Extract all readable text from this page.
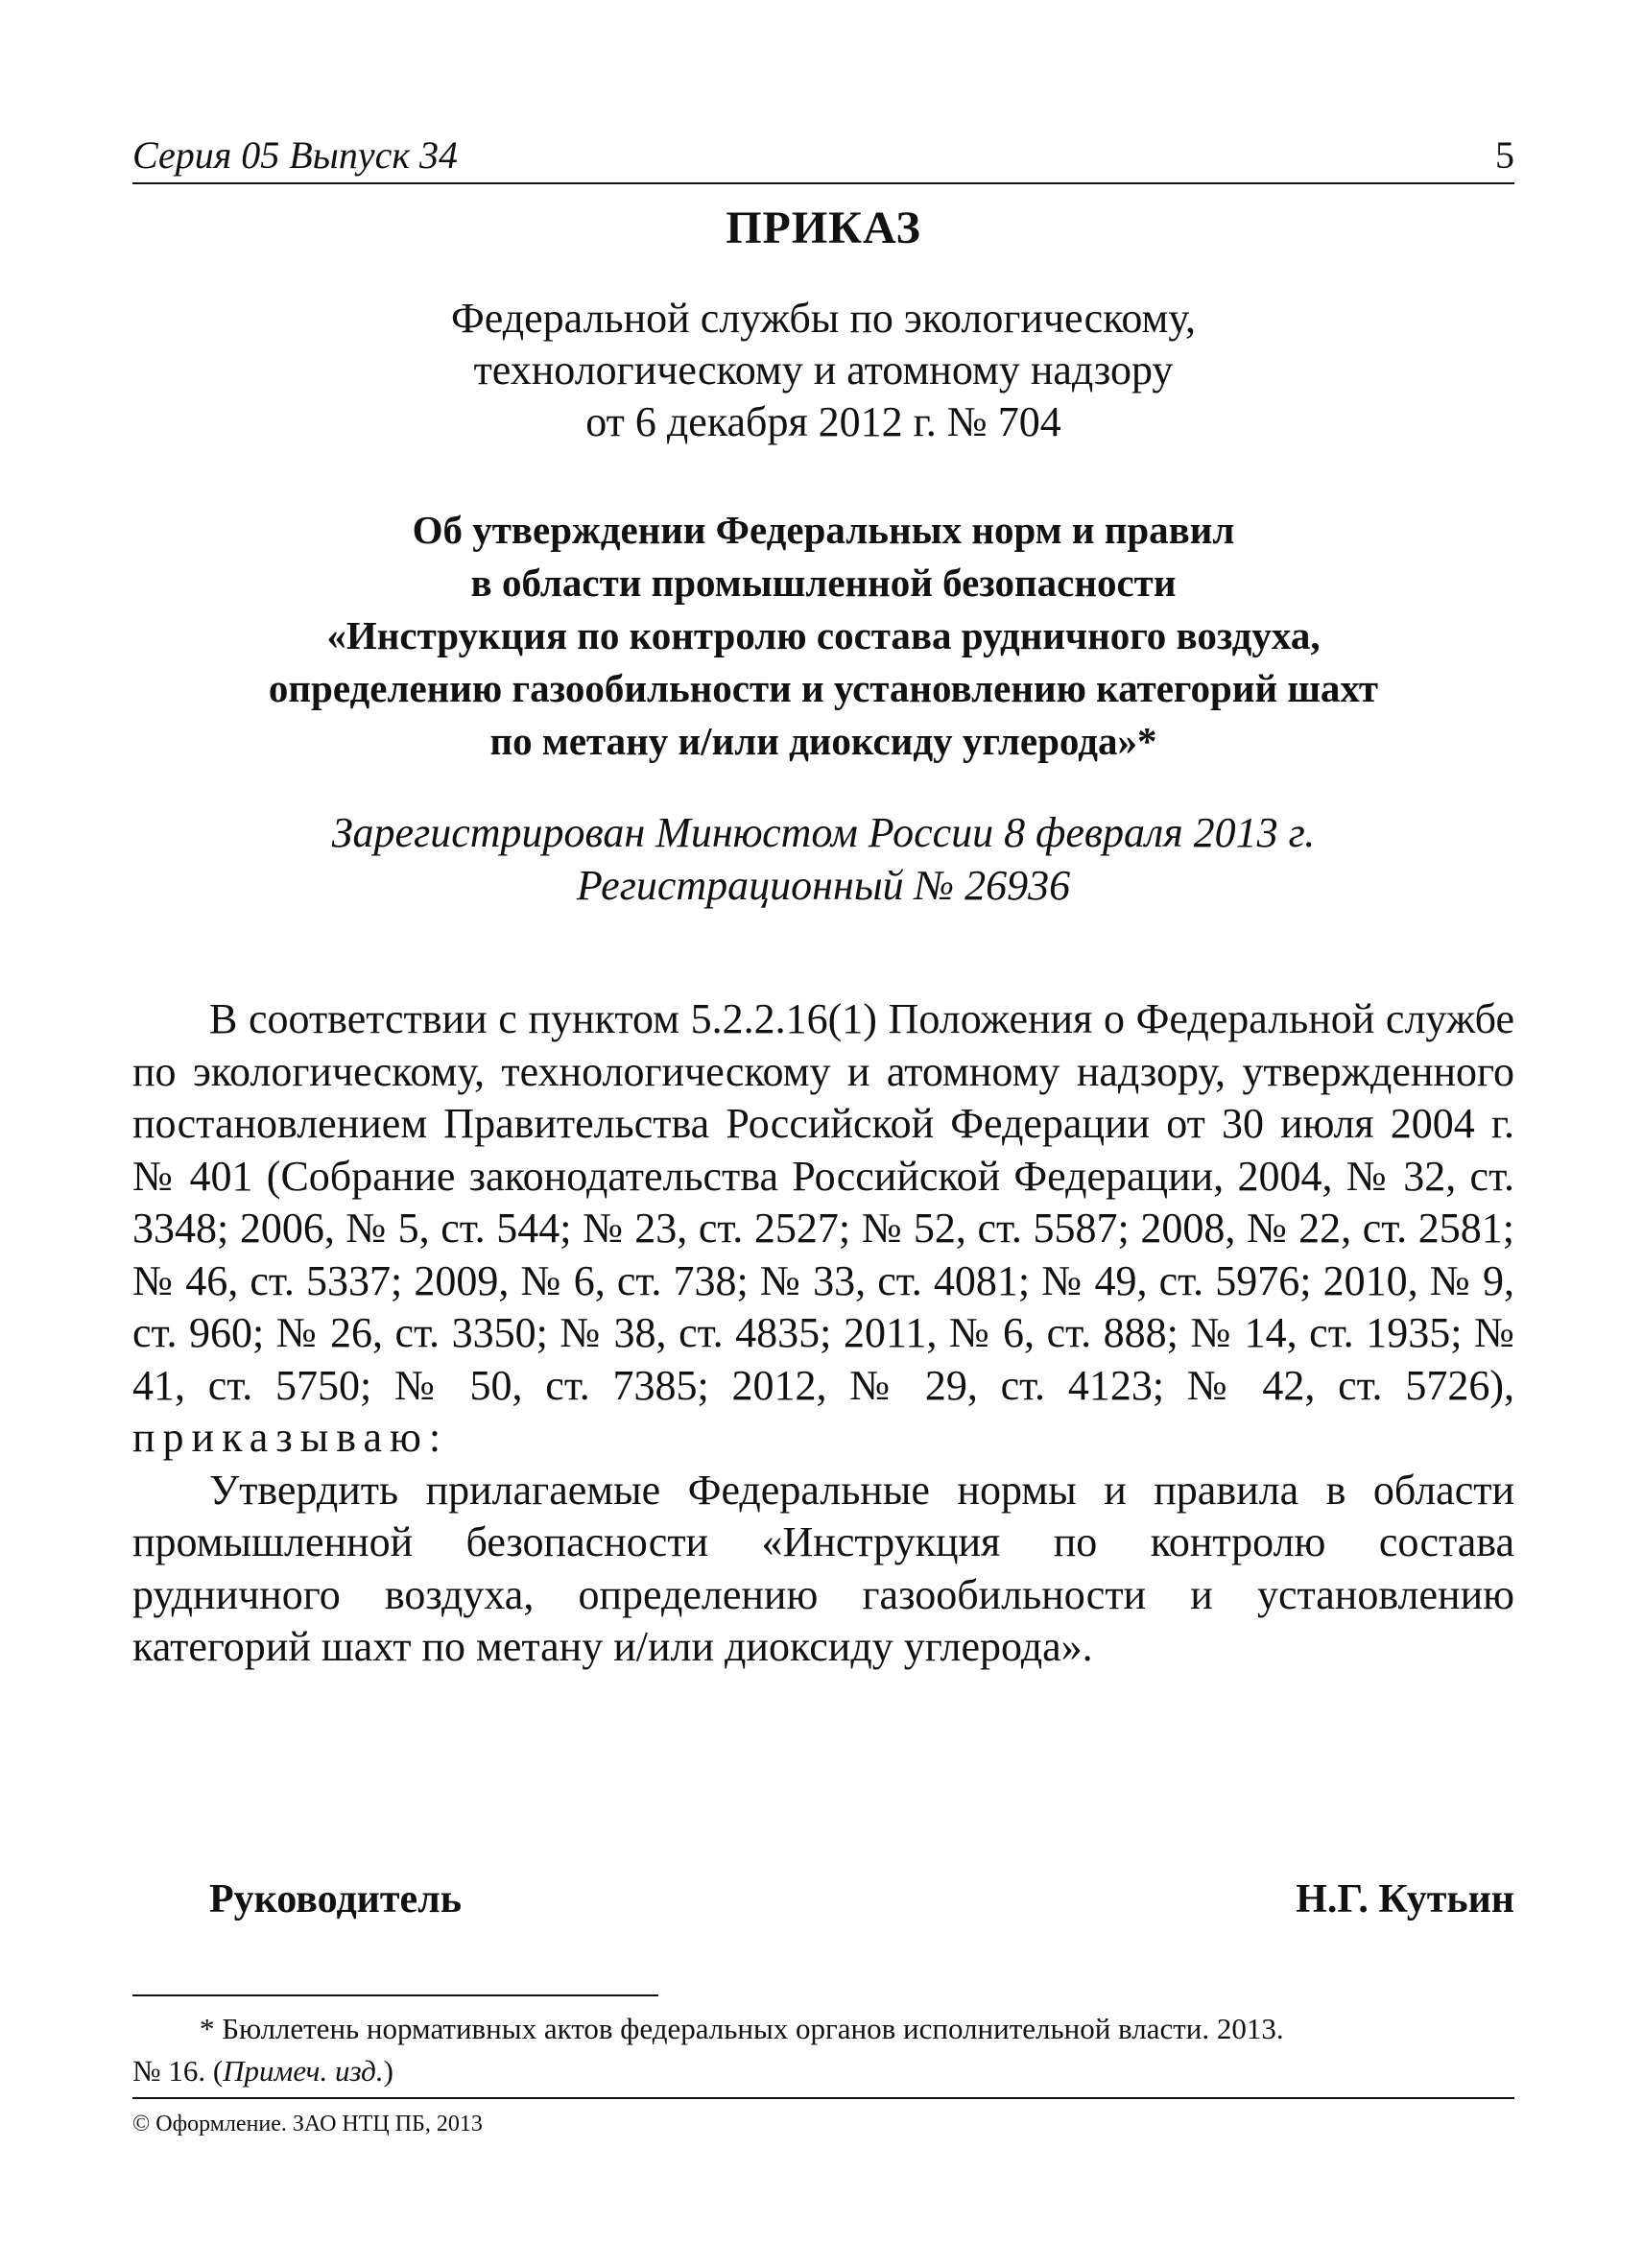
Серия 05 Выпуск 34	5
ПРИКАЗ
Федеральной службы по экологическому,
технологическому и атомному надзору
от 6 декабря 2012 г. № 704
Об утверждении Федеральных норм и правил
в области промышленной безопасности
«Инструкция по контролю состава рудничного воздуха,
определению газообильности и установлению категорий шахт
по метану и/или диоксиду углерода»*
Зарегистрирован Минюстом России 8 февраля 2013 г.
Регистрационный № 26936

В соответствии с пунктом 5.2.2.16(1) Положения о Федеральной службе по экологическому, технологическому и атомному надзору, утвержденного постановлением Правительства Российской Федерации от 30 июля 2004 г. № 401 (Собрание законодательства Российской Федерации, 2004, № 32, ст. 3348; 2006, № 5, ст. 544; № 23, ст. 2527; № 52, ст. 5587; 2008, № 22, ст. 2581; № 46, ст. 5337; 2009, № 6, ст. 738; № 33, ст. 4081; № 49, ст. 5976; 2010, № 9, ст. 960; № 26, ст. 3350; № 38, ст. 4835; 2011, № 6, ст. 888; № 14, ст. 1935; № 41, ст. 5750; № 50, ст. 7385; 2012, № 29, ст. 4123; № 42, ст. 5726), приказываю:

Утвердить прилагаемые Федеральные нормы и правила в области промышленной безопасности «Инструкция по контролю состава рудничного воздуха, определению газообильности и установлению категорий шахт по метану и/или диоксиду углерода».

Руководитель	Н.Г. Кутьин
* Бюллетень нормативных актов федеральных органов исполнительной власти. 2013.
№ 16. (Примеч. изд.)
© Оформление. ЗАО НТЦ ПБ, 2013
